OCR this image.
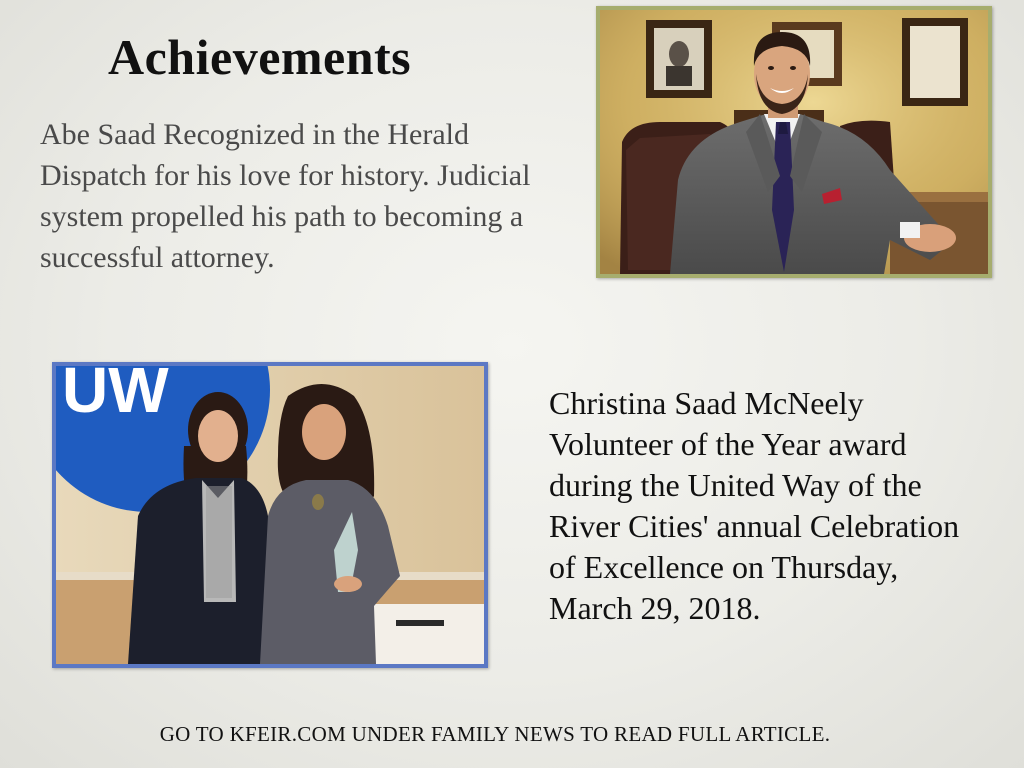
Achievements
Abe Saad Recognized in the Herald Dispatch for his love for history. Judicial system propelled his path to becoming a successful attorney.
UW	Christina Saad McNeely Volunteer of the Year award during the United Way of the River Cities' annual Celebration of Excellence on Thursday, March 29, 2018.
GO TO KFEIR.COM UNDER FAMILY NEWS TO READ FULL ARTICLE.
